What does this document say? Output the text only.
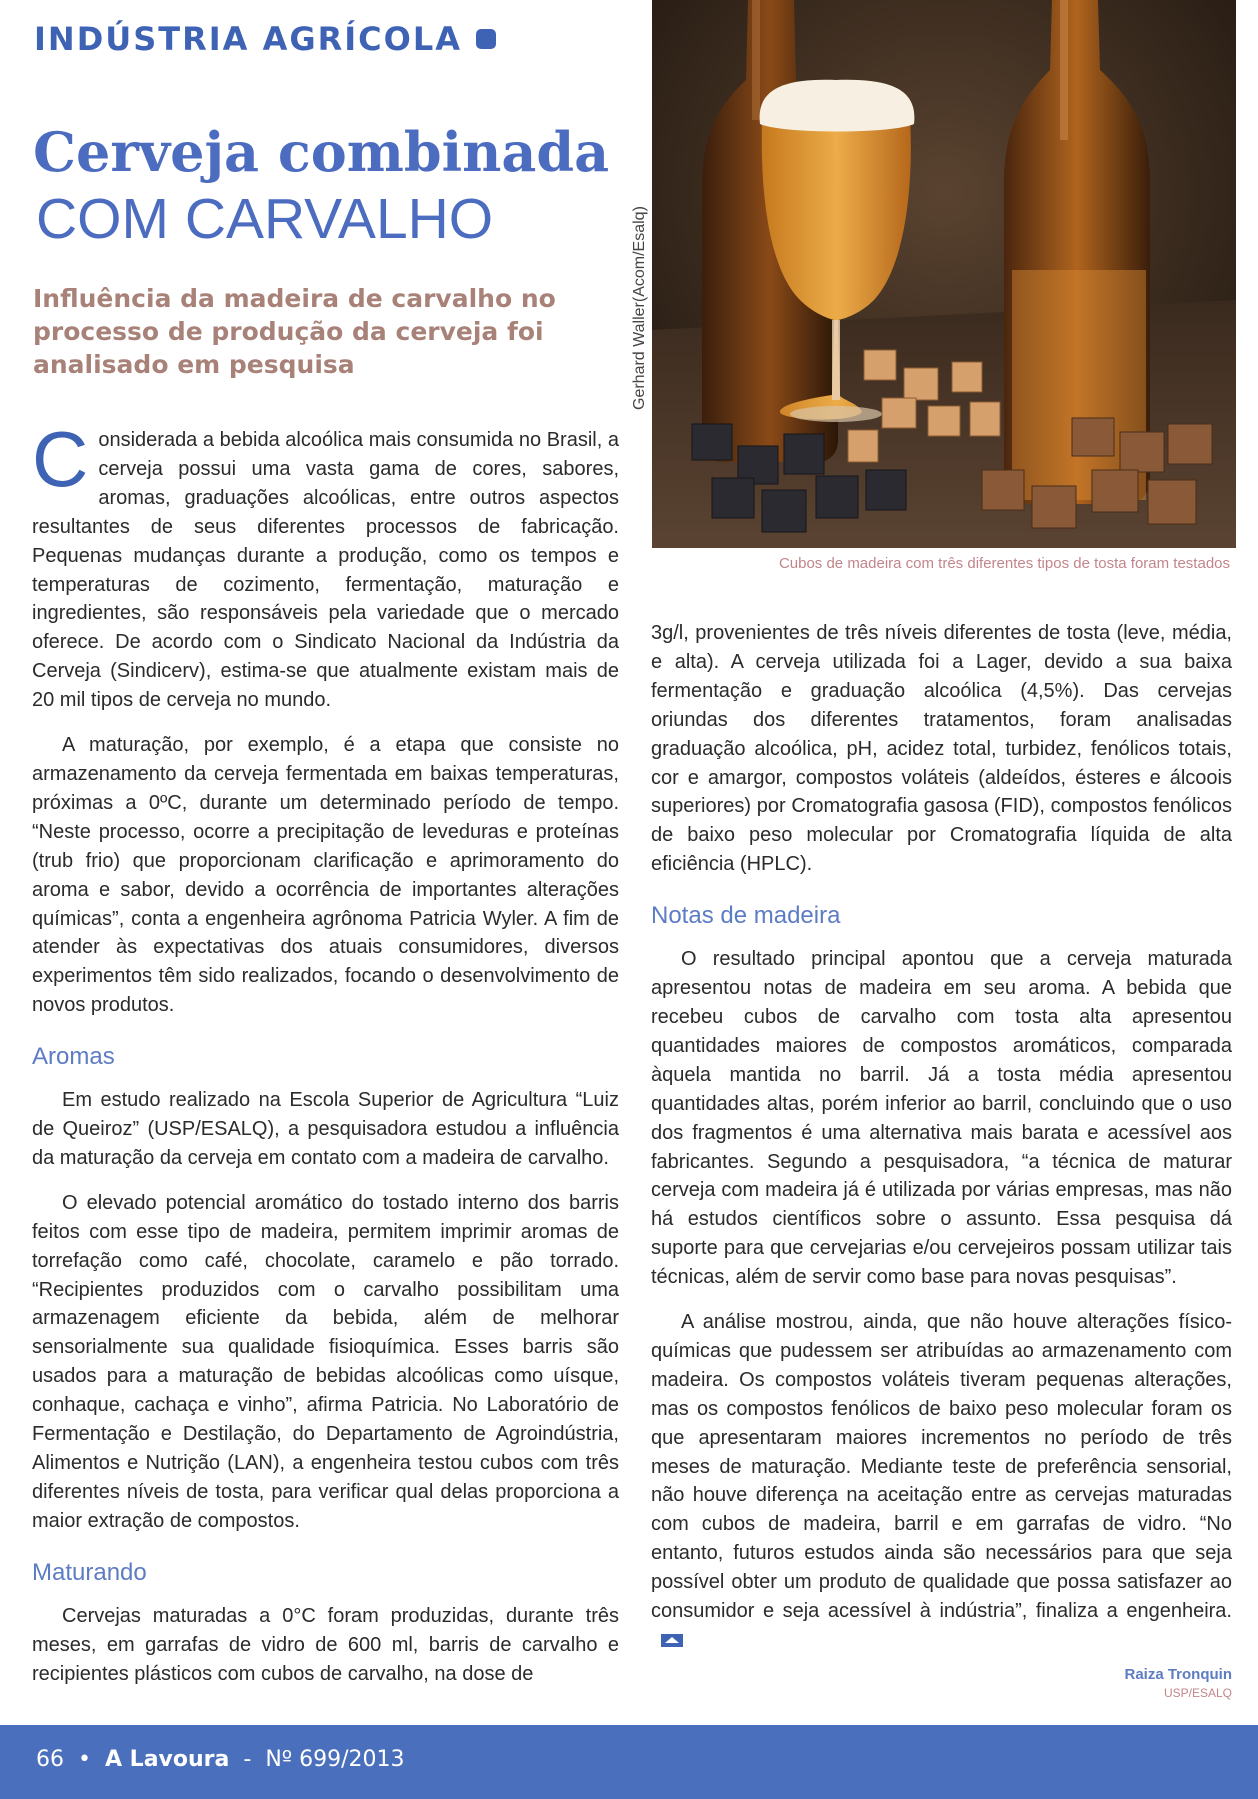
INDÚSTRIA AGRÍCOLA
Cerveja combinada
COM CARVALHO
Influência da madeira de carvalho no processo de produção da cerveja foi analisado em pesquisa	Gerhard Waller(Acom/Esalq)
Cubos de madeira com três diferentes tipos de tosta foram testados

Considerada a bebida alcoólica mais consumida no Brasil, a cerveja possui uma vasta gama de cores, sabores, aromas, graduações alcoólicas, entre outros aspectos resultantes de seus diferentes processos de fabricação. Pequenas mudanças durante a produção, como os tempos e temperaturas de cozimento, fermentação, maturação e ingredientes, são responsáveis pela variedade que o mercado oferece. De acordo com o Sindicato Nacional da Indústria da Cerveja (Sindicerv), estima-se que atualmente existam mais de 20 mil tipos de cerveja no mundo.

A maturação, por exemplo, é a etapa que consiste no armazenamento da cerveja fermentada em baixas temperaturas, próximas a 0ºC, durante um determinado período de tempo. “Neste processo, ocorre a precipitação de leveduras e proteínas (trub frio) que proporcionam clarificação e aprimoramento do aroma e sabor, devido a ocorrência de importantes alterações químicas”, conta a engenheira agrônoma Patricia Wyler. A fim de atender às expectativas dos atuais consumidores, diversos experimentos têm sido realizados, focando o desenvolvimento de novos produtos.

Aromas

Em estudo realizado na Escola Superior de Agricultura “Luiz de Queiroz” (USP/ESALQ), a pesquisadora estudou a influência da maturação da cerveja em contato com a madeira de carvalho.

O elevado potencial aromático do tostado interno dos barris feitos com esse tipo de madeira, permitem imprimir aromas de torrefação como café, chocolate, caramelo e pão torrado. “Recipientes produzidos com o carvalho possibilitam uma armazenagem eficiente da bebida, além de melhorar sensorialmente sua qualidade fisioquímica. Esses barris são usados para a maturação de bebidas alcoólicas como uísque, conhaque, cachaça e vinho”, afirma Patricia. No Laboratório de Fermentação e Destilação, do Departamento de Agroindústria, Alimentos e Nutrição (LAN), a engenheira testou cubos com três diferentes níveis de tosta, para verificar qual delas proporciona a maior extração de compostos.

Maturando

Cervejas maturadas a 0°C foram produzidas, durante três meses, em garrafas de vidro de 600 ml, barris de carvalho e recipientes plásticos com cubos de carvalho, na dose de

3g/l, provenientes de três níveis diferentes de tosta (leve, média, e alta). A cerveja utilizada foi a Lager, devido a sua baixa fermentação e graduação alcoólica (4,5%). Das cervejas oriundas dos diferentes tratamentos, foram analisadas graduação alcoólica, pH, acidez total, turbidez, fenólicos totais, cor e amargor, compostos voláteis (aldeídos, ésteres e álcoois superiores) por Cromatografia gasosa (FID), compostos fenólicos de baixo peso molecular por Cromatografia líquida de alta eficiência (HPLC).

Notas de madeira

O resultado principal apontou que a cerveja maturada apresentou notas de madeira em seu aroma. A bebida que recebeu cubos de carvalho com tosta alta apresentou quantidades maiores de compostos aromáticos, comparada àquela mantida no barril. Já a tosta média apresentou quantidades altas, porém inferior ao barril, concluindo que o uso dos fragmentos é uma alternativa mais barata e acessível aos fabricantes. Segundo a pesquisadora, “a técnica de maturar cerveja com madeira já é utilizada por várias empresas, mas não há estudos científicos sobre o assunto. Essa pesquisa dá suporte para que cervejarias e/ou cervejeiros possam utilizar tais técnicas, além de servir como base para novas pesquisas”.

A análise mostrou, ainda, que não houve alterações físico-químicas que pudessem ser atribuídas ao armazenamento com madeira. Os compostos voláteis tiveram pequenas alterações, mas os compostos fenólicos de baixo peso molecular foram os que apresentaram maiores incrementos no período de três meses de maturação. Mediante teste de preferência sensorial, não houve diferença na aceitação entre as cervejas maturadas com cubos de madeira, barril e em garrafas de vidro. “No entanto, futuros estudos ainda são necessários para que seja possível obter um produto de qualidade que possa satisfazer ao consumidor e seja acessível à indústria”, finaliza a engenheira.

Raiza Tronquin
USP/ESALQ
66 • A Lavoura - Nº 699/2013
